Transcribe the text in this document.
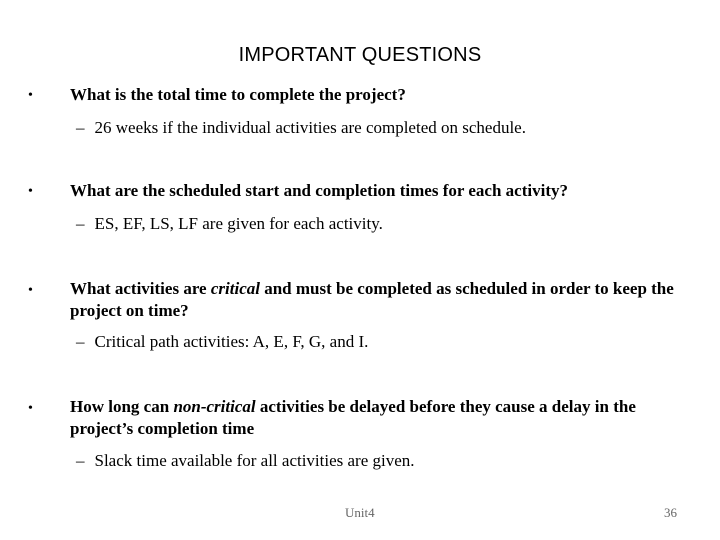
IMPORTANT QUESTIONS
• What is the total time to complete the project?
– 26 weeks if the individual activities are completed on schedule.
• What are the scheduled start and completion times for each activity?
– ES, EF, LS, LF are given for each activity.
• What activities are critical and must be completed as scheduled in order to keep the project on time?
– Critical path activities: A, E, F, G, and I.
• How long can non-critical activities be delayed before they cause a delay in the project’s completion time
– Slack time available for all activities are given.
Unit4	36
